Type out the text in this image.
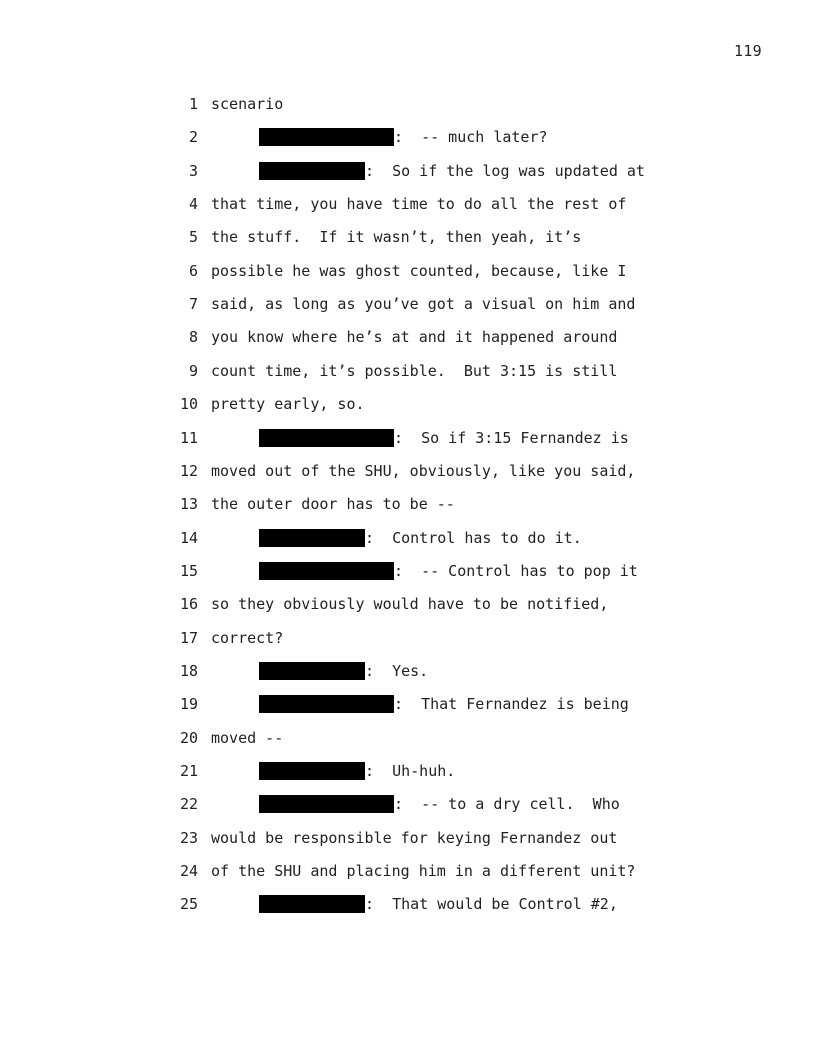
119
1 scenario
2	:  -- much later?
3	:  So if the log was updated at
4 that time, you have time to do all the rest of
5 the stuff.  If it wasn’t, then yeah, it’s
6 possible he was ghost counted, because, like I
7 said, as long as you’ve got a visual on him and
8 you know where he’s at and it happened around
9 count time, it’s possible.  But 3:15 is still
10 pretty early, so.
11	:  So if 3:15 Fernandez is
12 moved out of the SHU, obviously, like you said,
13 the outer door has to be --
14	:  Control has to do it.
15	:  -- Control has to pop it
16 so they obviously would have to be notified,
17 correct?
18	:  Yes.
19	:  That Fernandez is being
20 moved --
21	:  Uh-huh.
22	:  -- to a dry cell.  Who
23 would be responsible for keying Fernandez out
24 of the SHU and placing him in a different unit?
25	:  That would be Control #2,
